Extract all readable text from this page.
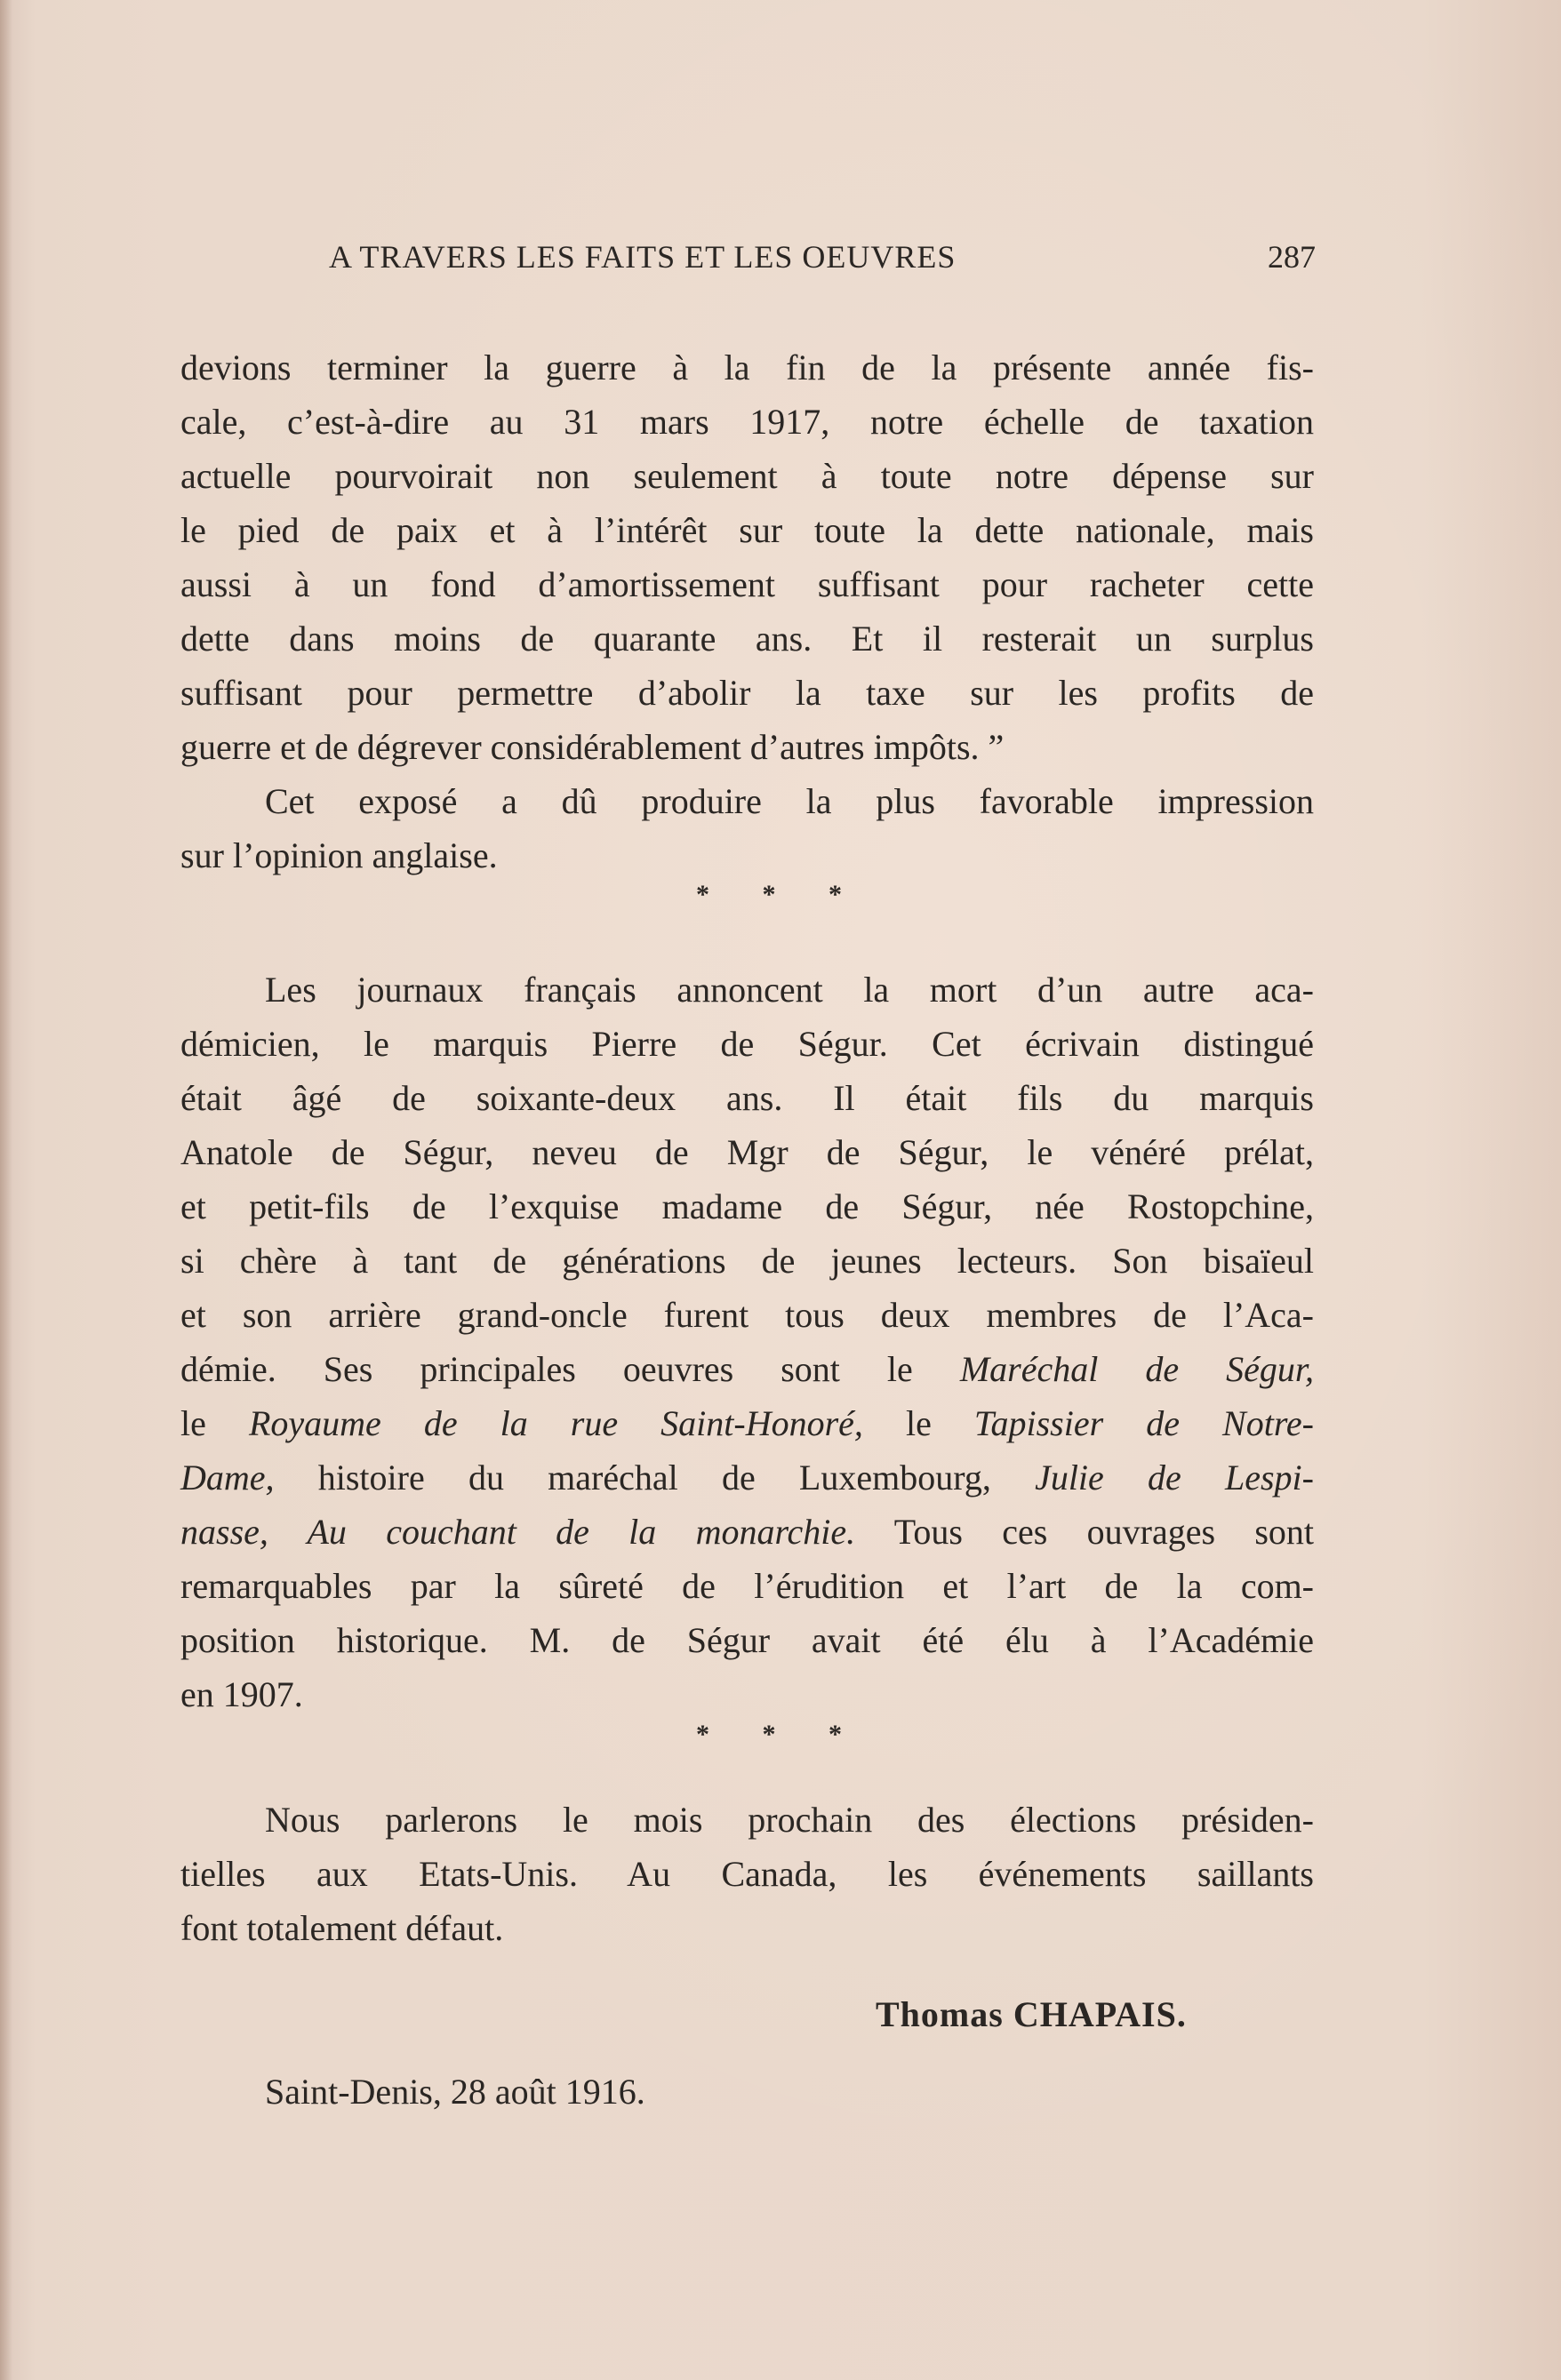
A TRAVERS LES FAITS ET LES OEUVRES	287
devions terminer la guerre à la fin de la présente année fis-
cale, c’est-à-dire au 31 mars 1917, notre échelle de taxation
actuelle pourvoirait non seulement à toute notre dépense sur
le pied de paix et à l’intérêt sur toute la dette nationale, mais
aussi à un fond d’amortissement suffisant pour racheter cette
dette dans moins de quarante ans. Et il resterait un surplus
suffisant pour permettre d’abolir la taxe sur les profits de
guerre et de dégrever considérablement d’autres impôts. ”
Cet exposé a dû produire la plus favorable impression
sur l’opinion anglaise.
* * *
Les journaux français annoncent la mort d’un autre aca-
démicien, le marquis Pierre de Ségur. Cet écrivain distingué
était âgé de soixante-deux ans. Il était fils du marquis
Anatole de Ségur, neveu de Mgr de Ségur, le vénéré prélat,
et petit-fils de l’exquise madame de Ségur, née Rostopchine,
si chère à tant de générations de jeunes lecteurs. Son bisaïeul
et son arrière grand-oncle furent tous deux membres de l’Aca-
démie. Ses principales oeuvres sont le Maréchal de Ségur,
le Royaume de la rue Saint-Honoré, le Tapissier de Notre-
Dame, histoire du maréchal de Luxembourg, Julie de Lespi-
nasse, Au couchant de la monarchie. Tous ces ouvrages sont
remarquables par la sûreté de l’érudition et l’art de la com-
position historique. M. de Ségur avait été élu à l’Académie
en 1907.
* * *
Nous parlerons le mois prochain des élections présiden-
tielles aux Etats-Unis. Au Canada, les événements saillants
font totalement défaut.
Thomas CHAPAIS.
Saint-Denis, 28 août 1916.
